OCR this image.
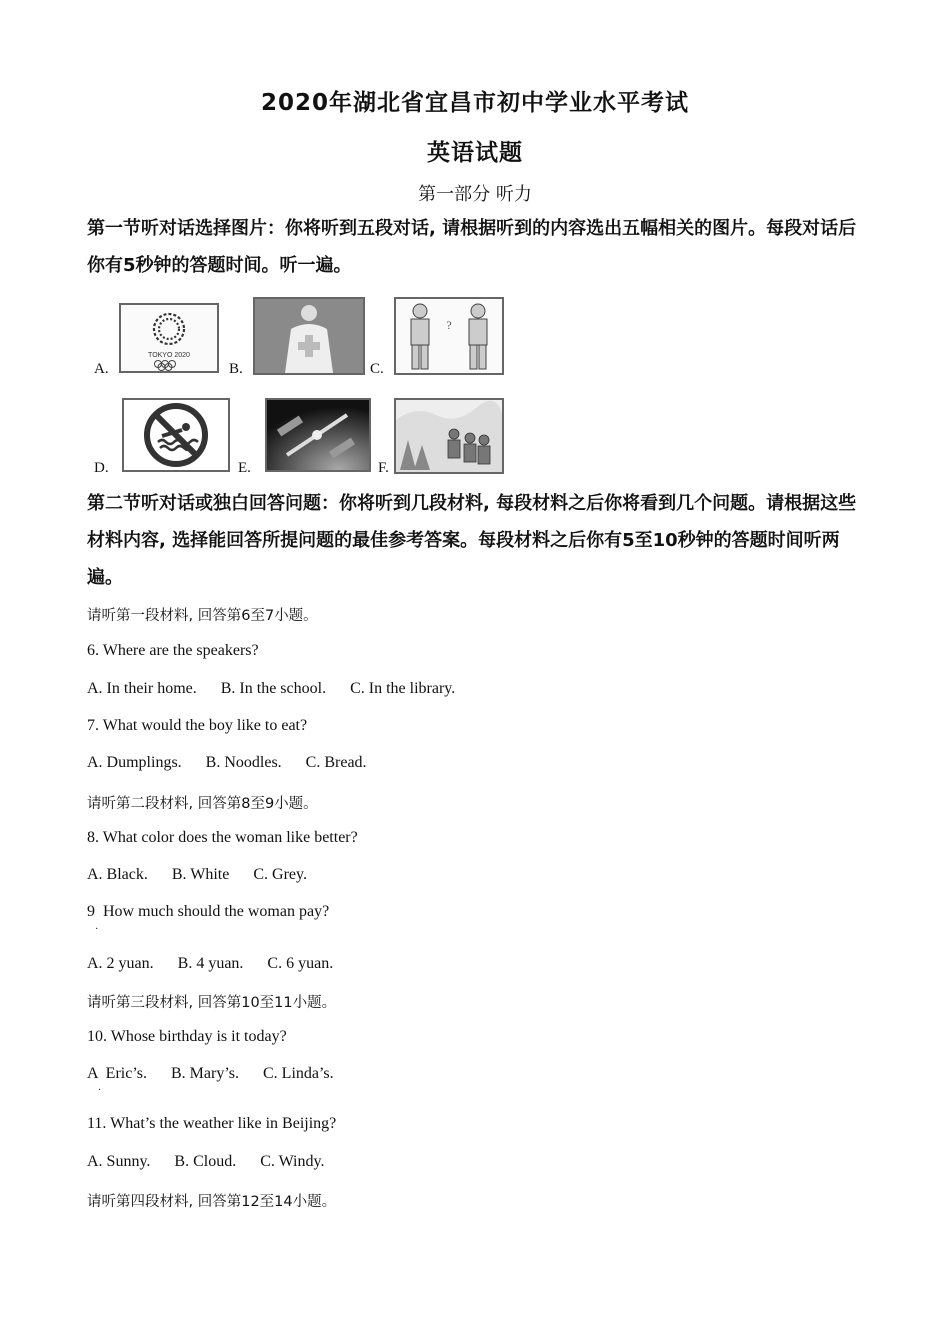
2020年湖北省宜昌市初中学业水平考试
英语试题
第一部分 听力
第一节听对话选择图片：你将听到五段对话, 请根据听到的内容选出五幅相关的图片。每段对话后你有5秒钟的答题时间。听一遍。
A.
TOKYO 2020
B.	C.
?
D.	E.	F.
第二节听对话或独白回答问题：你将听到几段材料, 每段材料之后你将看到几个问题。请根据这些材料内容, 选择能回答所提问题的最佳参考答案。每段材料之后你有5至10秒钟的答题时间听两遍。
请听第一段材料, 回答第6至7小题。
6. Where are the speakers?
A. In their home.      B. In the school.      C. In the library.
7. What would the boy like to eat?
A. Dumplings.      B. Noodles.      C. Bread.
请听第二段材料, 回答第8至9小题。
8. What color does the woman like better?
A. Black.      B. White      C. Grey.
9  How much should the woman pay?
·
A. 2 yuan.      B. 4 yuan.      C. 6 yuan.
请听第三段材料, 回答第10至11小题。
10. Whose birthday is it today?
A  Eric’s.      B. Mary’s.      C. Linda’s.
·
11. What’s the weather like in Beijing?
A. Sunny.      B. Cloud.      C. Windy.
请听第四段材料, 回答第12至14小题。
